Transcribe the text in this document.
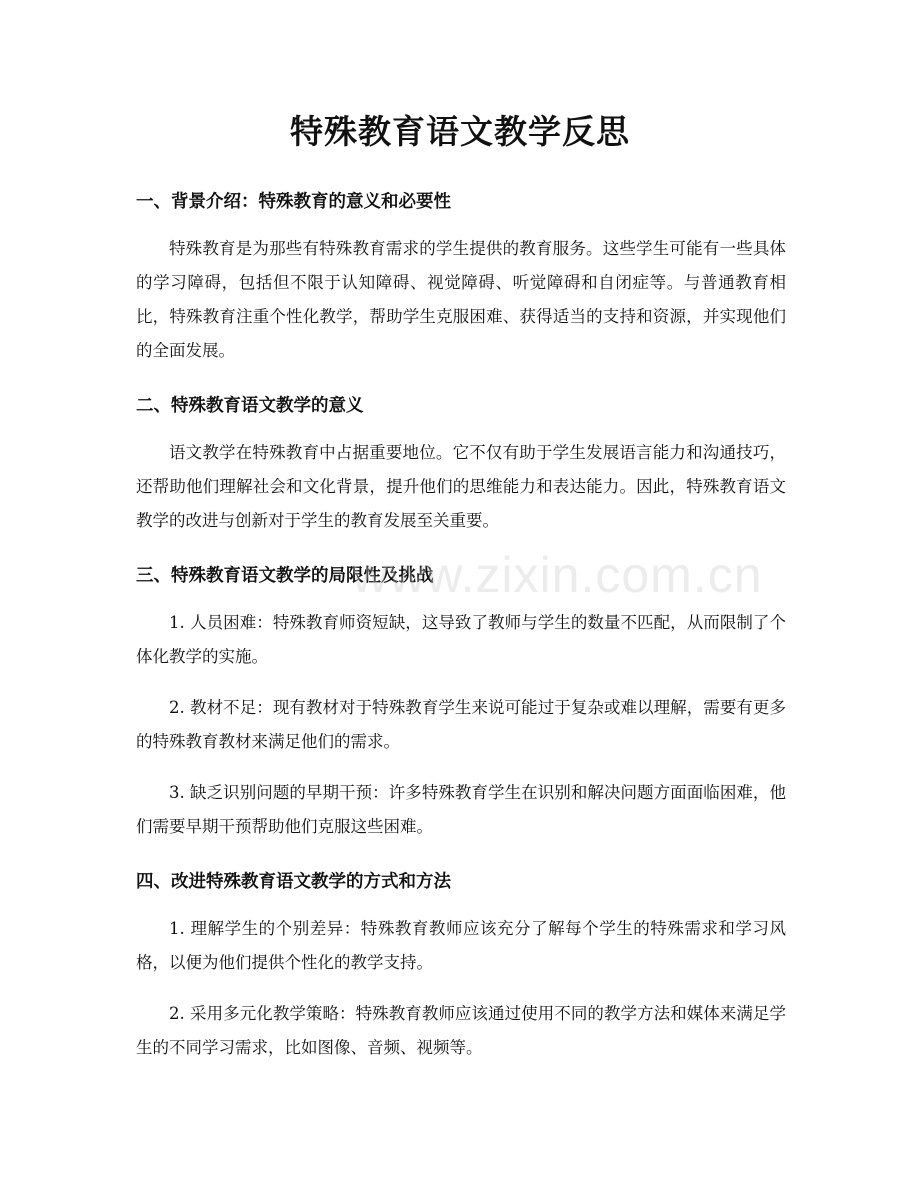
特殊教育语文教学反思
一、背景介绍：特殊教育的意义和必要性

特殊教育是为那些有特殊教育需求的学生提供的教育服务。这些学生可能有一些具体的学习障碍，包括但不限于认知障碍、视觉障碍、听觉障碍和自闭症等。与普通教育相比，特殊教育注重个性化教学，帮助学生克服困难、获得适当的支持和资源，并实现他们的全面发展。

二、特殊教育语文教学的意义

语文教学在特殊教育中占据重要地位。它不仅有助于学生发展语言能力和沟通技巧，还帮助他们理解社会和文化背景，提升他们的思维能力和表达能力。因此，特殊教育语文教学的改进与创新对于学生的教育发展至关重要。

三、特殊教育语文教学的局限性及挑战

1. 人员困难：特殊教育师资短缺，这导致了教师与学生的数量不匹配，从而限制了个体化教学的实施。

2. 教材不足：现有教材对于特殊教育学生来说可能过于复杂或难以理解，需要有更多的特殊教育教材来满足他们的需求。

3. 缺乏识别问题的早期干预：许多特殊教育学生在识别和解决问题方面面临困难，他们需要早期干预帮助他们克服这些困难。

四、改进特殊教育语文教学的方式和方法

1. 理解学生的个别差异：特殊教育教师应该充分了解每个学生的特殊需求和学习风格，以便为他们提供个性化的教学支持。

2. 采用多元化教学策略：特殊教育教师应该通过使用不同的教学方法和媒体来满足学生的不同学习需求，比如图像、音频、视频等。

www.zixin.com.cn
